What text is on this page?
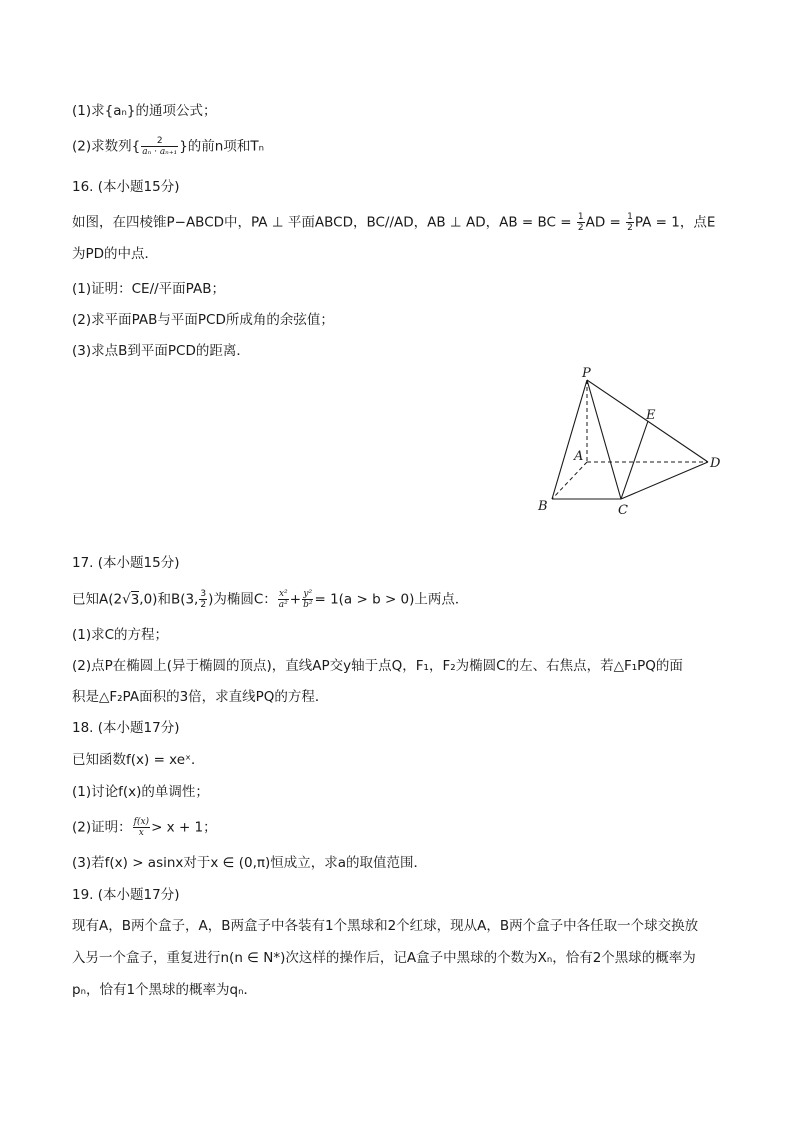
(1)求{aₙ}的通项公式；
(2)求数列{ $\frac{2}{\text{aₙ · aₙ₊₁}}$ }的前n项和Tₙ
16. (本小题15分)
如图，在四棱锥P−ABCD中，PA ⊥ 平面ABCD，BC//AD，AB ⊥ AD，AB = BC = $\frac{1}{2}$ AD = $\frac{1}{2}$ PA = 1，点E
为PD的中点．
(1)证明：CE//平面PAB；
(2)求平面PAB与平面PCD所成角的余弦值；
(3)求点B到平面PCD的距离．
P
E
A	D
B	C
17. (本小题15分)
已知A(2√3,0)和B(3, $\frac{3}{2}$ )为椭圆C： $\frac{\text{x²}}{\text{a²}} + \frac{\text{y²}}{\text{b²}} = 1(a > b > 0)$上两点．
(1)求C的方程；
(2)点P在椭圆上(异于椭圆的顶点)，直线AP交y轴于点Q，F₁，F₂为椭圆C的左、右焦点，若△F₁PQ的面
积是△F₂PA面积的3倍，求直线PQ的方程．
18. (本小题17分)
已知函数f(x) = xeˣ．
(1)讨论f(x)的单调性；
(2)证明： $\frac{f(x)}{x} > x + 1$；
(3)若f(x) > asinx对于x ∈ (0,π)恒成立，求a的取值范围．
19. (本小题17分)
现有A，B两个盒子，A，B两盒子中各装有1个黑球和2个红球，现从A，B两个盒子中各任取一个球交换放
入另一个盒子，重复进行n(n ∈ N*)次这样的操作后，记A盒子中黑球的个数为Xₙ，恰有2个黑球的概率为
pₙ，恰有1个黑球的概率为qₙ．
